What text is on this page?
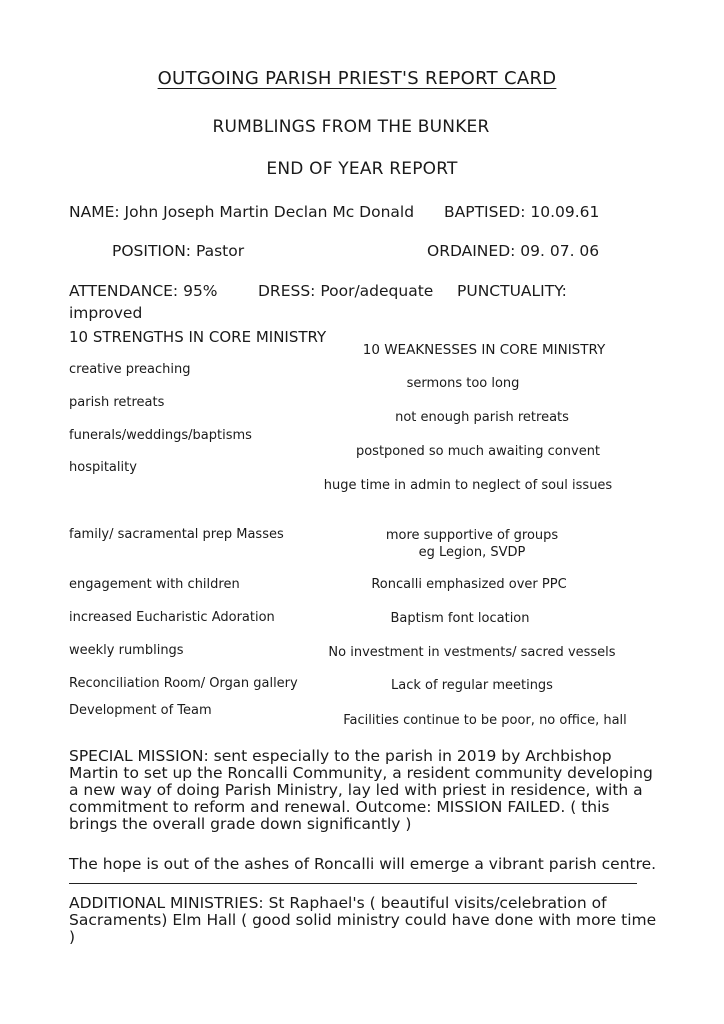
OUTGOING PARISH PRIEST'S REPORT CARD
RUMBLINGS FROM THE BUNKER
END OF YEAR REPORT
NAME: John Joseph Martin Declan Mc Donald BAPTISED: 10.09.61
POSITION: Pastor	ORDAINED: 09. 07. 06
ATTENDANCE: 95%	DRESS: Poor/adequate PUNCTUALITY:
improved
10 STRENGTHS IN CORE MINISTRY
creative preaching
parish retreats
funerals/weddings/baptisms
hospitality
family/ sacramental prep Masses
engagement with children
increased Eucharistic Adoration
weekly rumblings
Reconciliation Room/ Organ gallery
Development of Team
10 WEAKNESSES IN CORE MINISTRY
sermons too long
not enough parish retreats
postponed so much awaiting convent
huge time in admin to neglect of soul issues
more supportive of groups
eg Legion, SVDP
Roncalli emphasized over PPC
Baptism font location
No investment in vestments/ sacred vessels
Lack of regular meetings
Facilities continue to be poor, no office, hall
SPECIAL MISSION: sent especially to the parish in 2019 by Archbishop Martin to set up the Roncalli Community, a resident community developing a new way of doing Parish Ministry, lay led with priest in residence, with a commitment to reform and renewal. Outcome: MISSION FAILED. ( this brings the overall grade down significantly )
The hope is out of the ashes of Roncalli will emerge a vibrant parish centre.
ADDITIONAL MINISTRIES: St Raphael's ( beautiful visits/celebration of Sacraments) Elm Hall ( good solid ministry could have done with more time )
